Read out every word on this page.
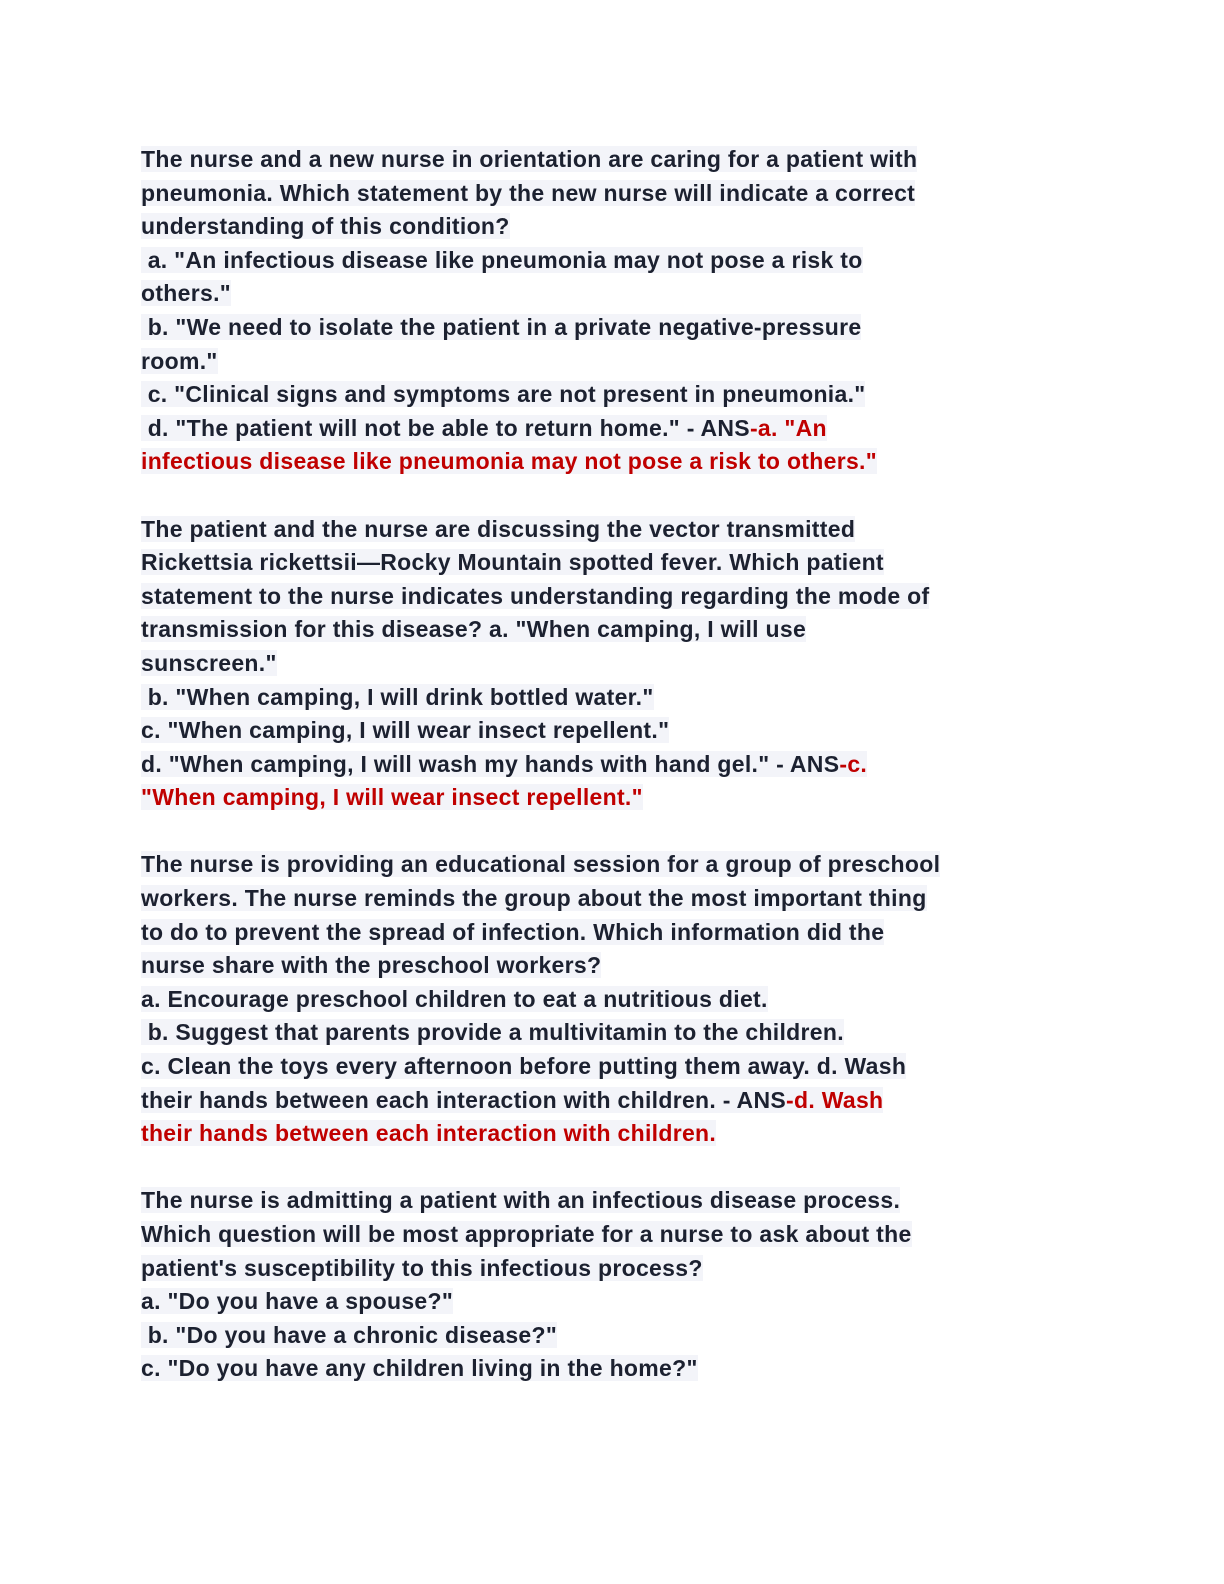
The nurse and a new nurse in orientation are caring for a patient with
pneumonia. Which statement by the new nurse will indicate a correct
understanding of this condition?
a. "An infectious disease like pneumonia may not pose a risk to
others."
b. "We need to isolate the patient in a private negative-pressure
room."
c. "Clinical signs and symptoms are not present in pneumonia."
d. "The patient will not be able to return home." - ANS-a. "An
infectious disease like pneumonia may not pose a risk to others."
The patient and the nurse are discussing the vector transmitted
Rickettsia rickettsii—Rocky Mountain spotted fever. Which patient
statement to the nurse indicates understanding regarding the mode of
transmission for this disease? a. "When camping, I will use
sunscreen."
b. "When camping, I will drink bottled water."
c. "When camping, I will wear insect repellent."
d. "When camping, I will wash my hands with hand gel." - ANS-c.
"When camping, I will wear insect repellent."
The nurse is providing an educational session for a group of preschool
workers. The nurse reminds the group about the most important thing
to do to prevent the spread of infection. Which information did the
nurse share with the preschool workers?
a. Encourage preschool children to eat a nutritious diet.
b. Suggest that parents provide a multivitamin to the children.
c. Clean the toys every afternoon before putting them away. d. Wash
their hands between each interaction with children. - ANS-d. Wash
their hands between each interaction with children.
The nurse is admitting a patient with an infectious disease process.
Which question will be most appropriate for a nurse to ask about the
patient's susceptibility to this infectious process?
a. "Do you have a spouse?"
b. "Do you have a chronic disease?"
c. "Do you have any children living in the home?"
